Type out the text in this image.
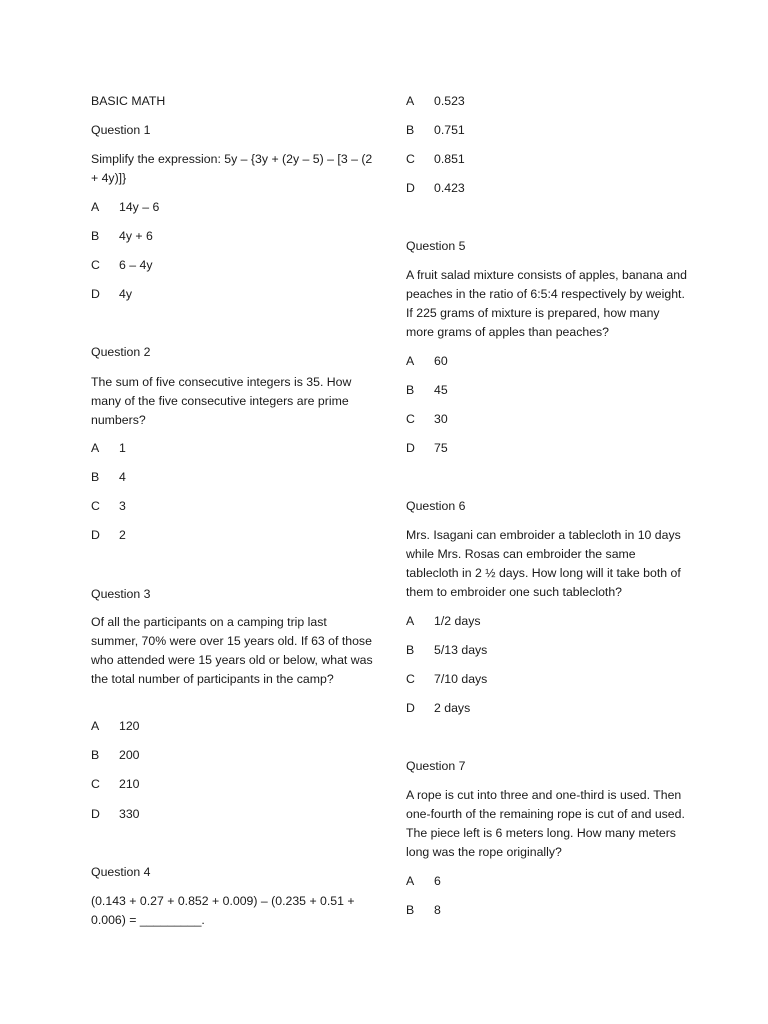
BASIC MATH
Question 1
Simplify the expression: 5y – {3y + (2y – 5) – [3 – (2 + 4y)]}
A 14y – 6
B 4y + 6
C 6 – 4y
D 4y
Question 2
The sum of five consecutive integers is 35. How many of the five consecutive integers are prime numbers?
A 1
B 4
C 3
D 2
Question 3
Of all the participants on a camping trip last summer, 70% were over 15 years old. If 63 of those who attended were 15 years old or below, what was the total number of participants in the camp?
A 120
B 200
C 210
D 330
Question 4
(0.143 + 0.27 + 0.852 + 0.009) – (0.235 + 0.51 + 0.006) = _________.
A 0.523
B 0.751
C 0.851
D 0.423
Question 5
A fruit salad mixture consists of apples, banana and peaches in the ratio of 6:5:4 respectively by weight. If 225 grams of mixture is prepared, how many more grams of apples than peaches?
A 60
B 45
C 30
D 75
Question 6
Mrs. Isagani can embroider a tablecloth in 10 days while Mrs. Rosas can embroider the same tablecloth in 2 ½ days. How long will it take both of them to embroider one such tablecloth?
A 1/2 days
B 5/13 days
C 7/10 days
D 2 days
Question 7
A rope is cut into three and one-third is used. Then one-fourth of the remaining rope is cut of and used. The piece left is 6 meters long. How many meters long was the rope originally?
A 6
B 8
